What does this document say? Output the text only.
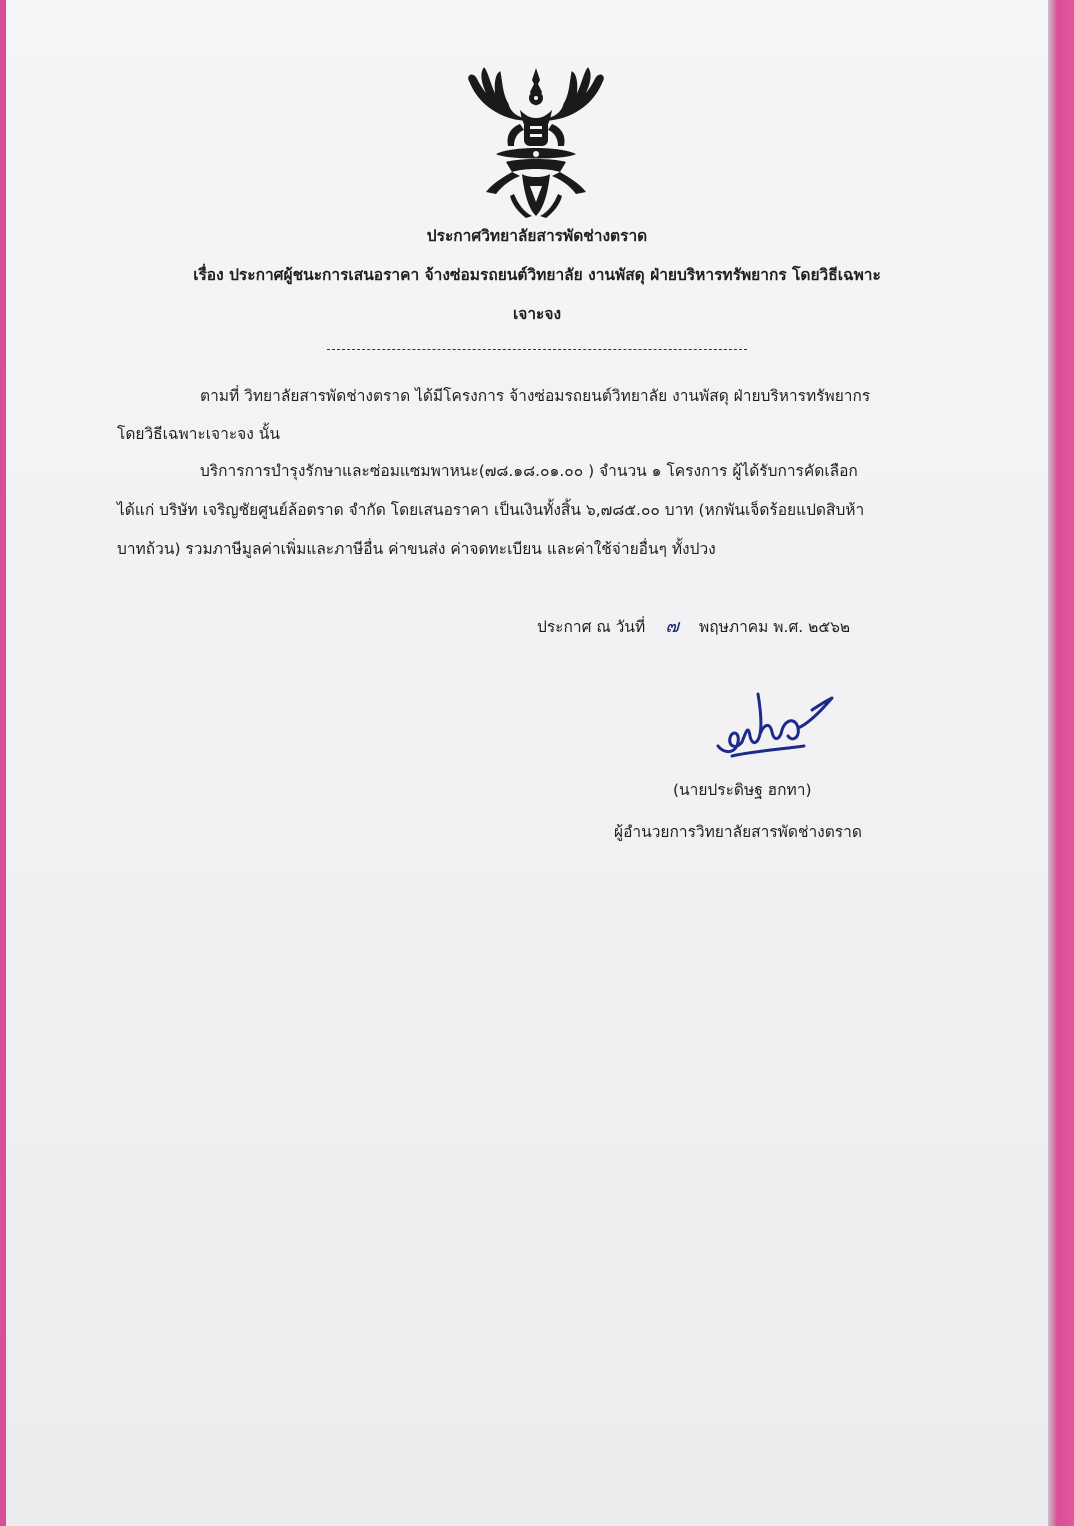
ประกาศวิทยาลัยสารพัดช่างตราด
เรื่อง ประกาศผู้ชนะการเสนอราคา จ้างซ่อมรถยนต์วิทยาลัย งานพัสดุ ฝ่ายบริหารทรัพยากร โดยวิธีเฉพาะ
เจาะจง
ตามที่ วิทยาลัยสารพัดช่างตราด ได้มีโครงการ จ้างซ่อมรถยนต์วิทยาลัย งานพัสดุ ฝ่ายบริหารทรัพยากร
โดยวิธีเฉพาะเจาะจง นั้น
บริการการบำรุงรักษาและซ่อมแซมพาหนะ(๗๘.๑๘.๐๑.๐๐ ) จำนวน ๑ โครงการ ผู้ได้รับการคัดเลือก
ได้แก่ บริษัท เจริญชัยศูนย์ล้อตราด จำกัด โดยเสนอราคา เป็นเงินทั้งสิ้น ๖,๗๘๕.๐๐ บาท (หกพันเจ็ดร้อยแปดสิบห้า
บาทถ้วน) รวมภาษีมูลค่าเพิ่มและภาษีอื่น ค่าขนส่ง ค่าจดทะเบียน และค่าใช้จ่ายอื่นๆ ทั้งปวง
ประกาศ ณ วันที่ ๗ พฤษภาคม พ.ศ. ๒๕๖๒
(นายประดิษฐ ฮกทา)
ผู้อำนวยการวิทยาลัยสารพัดช่างตราด
